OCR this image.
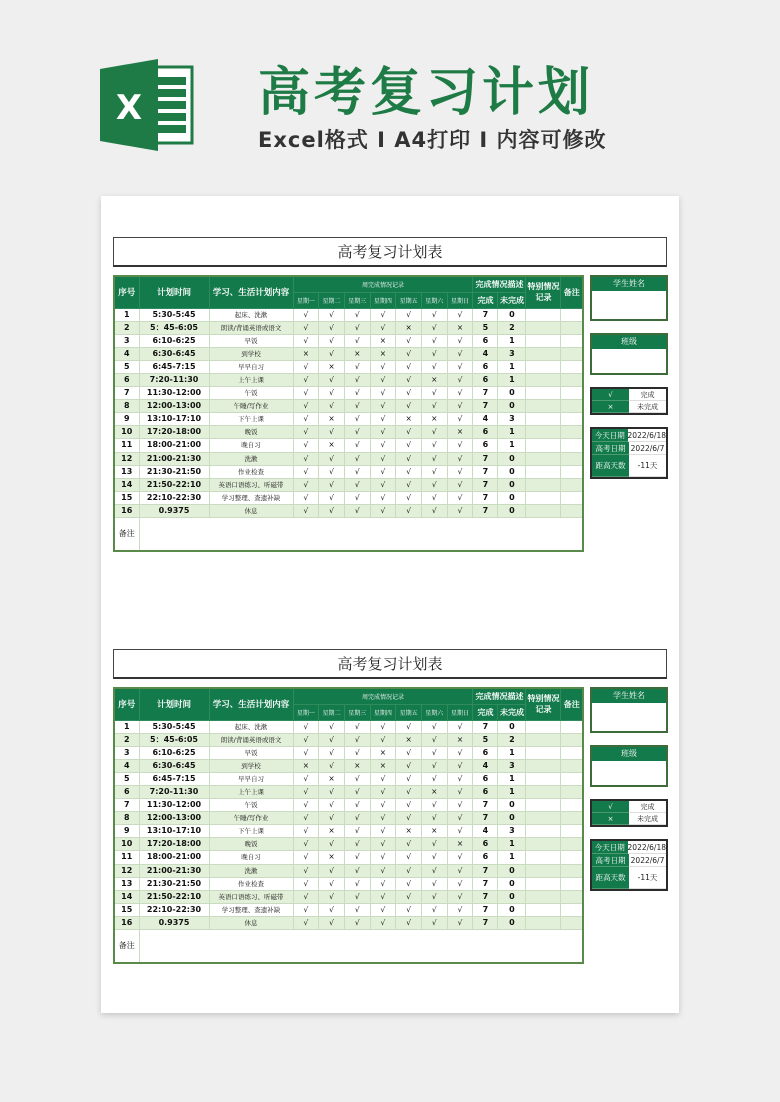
X 高考复习计划
Excel格式 I A4打印 I 内容可修改
高考复习计划表
序号	计划时间	学习、生活计划内容	周完成情况记录							完成情况描述		特别情况记录	备注
			星期一	星期二	星期三	星期四	星期五	星期六	星期日	完成	未完成		
1	5:30-5:45	起床、洗漱	√	√	√	√	√	√	√	7	0		
2	5：45-6:05	朗读/背诵英语或语文	√	√	√	√	×	√	×	5	2		
3	6:10-6:25	早饭	√	√	√	×	√	√	√	6	1		
4	6:30-6:45	到学校	×	√	×	×	√	√	√	4	3		
5	6:45-7:15	早早自习	√	×	√	√	√	√	√	6	1		
6	7:20-11:30	上午上课	√	√	√	√	√	×	√	6	1		
7	11:30-12:00	午饭	√	√	√	√	√	√	√	7	0		
8	12:00-13:00	午睡/写作业	√	√	√	√	√	√	√	7	0		
9	13:10-17:10	下午上课	√	×	√	√	×	×	√	4	3		
10	17:20-18:00	晚饭	√	√	√	√	√	√	×	6	1		
11	18:00-21:00	晚自习	√	×	√	√	√	√	√	6	1		
12	21:00-21:30	洗漱	√	√	√	√	√	√	√	7	0		
13	21:30-21:50	作业检查	√	√	√	√	√	√	√	7	0		
14	21:50-22:10	英语口语练习、听磁带	√	√	√	√	√	√	√	7	0		
15	22:10-22:30	学习整理、查遗补缺	√	√	√	√	√	√	√	7	0		
16	0.9375	休息	√	√	√	√	√	√	√	7	0		
备注													
学生姓名
班级
√	完成
×	未完成
今天日期 2022/6/18
高考日期 2022/6/7
距高天数	-11天
高考复习计划表
序号	计划时间	学习、生活计划内容	周完成情况记录							完成情况描述		特别情况记录	备注
			星期一	星期二	星期三	星期四	星期五	星期六	星期日	完成	未完成		
1	5:30-5:45	起床、洗漱	√	√	√	√	√	√	√	7	0		
2	5：45-6:05	朗读/背诵英语或语文	√	√	√	√	×	√	×	5	2		
3	6:10-6:25	早饭	√	√	√	×	√	√	√	6	1		
4	6:30-6:45	到学校	×	√	×	×	√	√	√	4	3		
5	6:45-7:15	早早自习	√	×	√	√	√	√	√	6	1		
6	7:20-11:30	上午上课	√	√	√	√	√	×	√	6	1		
7	11:30-12:00	午饭	√	√	√	√	√	√	√	7	0		
8	12:00-13:00	午睡/写作业	√	√	√	√	√	√	√	7	0		
9	13:10-17:10	下午上课	√	×	√	√	×	×	√	4	3		
10	17:20-18:00	晚饭	√	√	√	√	√	√	×	6	1		
11	18:00-21:00	晚自习	√	×	√	√	√	√	√	6	1		
12	21:00-21:30	洗漱	√	√	√	√	√	√	√	7	0		
13	21:30-21:50	作业检查	√	√	√	√	√	√	√	7	0		
14	21:50-22:10	英语口语练习、听磁带	√	√	√	√	√	√	√	7	0		
15	22:10-22:30	学习整理、查遗补缺	√	√	√	√	√	√	√	7	0		
16	0.9375	休息	√	√	√	√	√	√	√	7	0		
备注													
学生姓名
班级
√	完成
×	未完成
今天日期 2022/6/18
高考日期 2022/6/7
距高天数	-11天
